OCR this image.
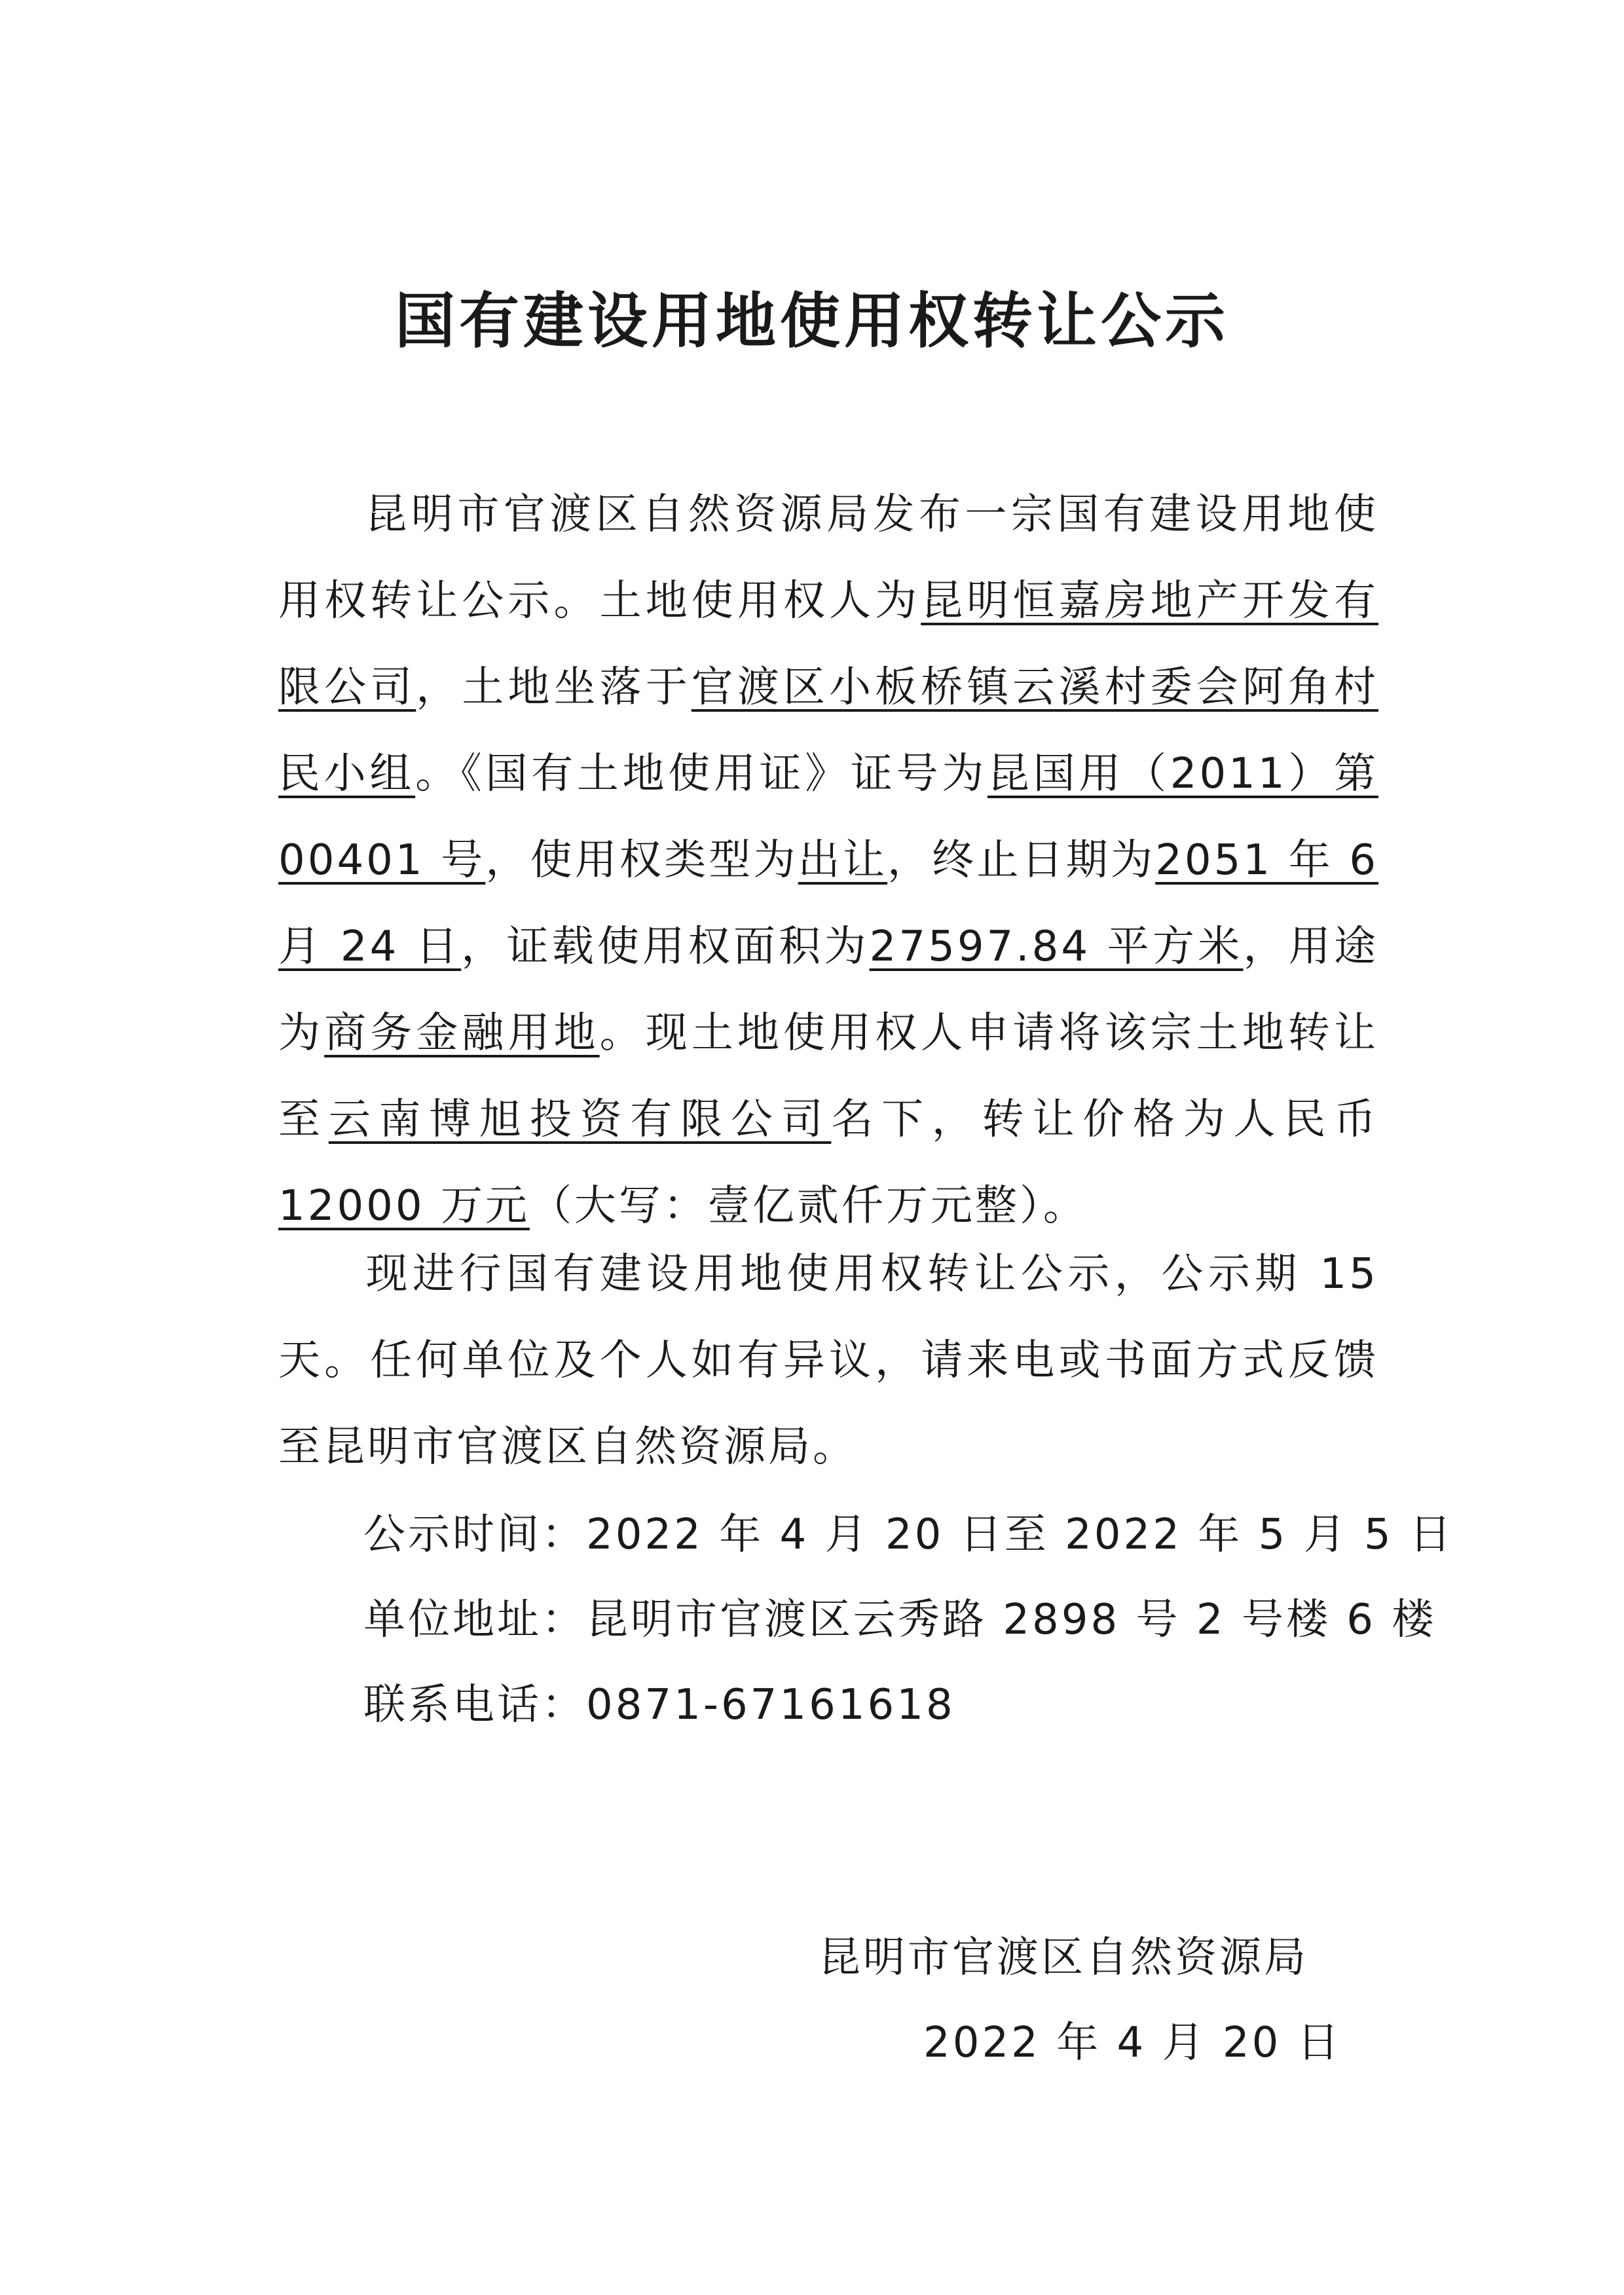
国有建设用地使用权转让公示
昆明市官渡区自然资源局发布一宗国有建设用地使用权转让公示。土地使用权人为昆明恒嘉房地产开发有限公司，土地坐落于官渡区小板桥镇云溪村委会阿角村民小组。《国有土地使用证》证号为昆国用（2011）第 00401 号，使用权类型为出让，终止日期为2051 年 6 月 24 日，证载使用权面积为27597.84 平方米，用途为商务金融用地。现土地使用权人申请将该宗土地转让至云南博旭投资有限公司名下，转让价格为人民币 12000 万元（大写：壹亿贰仟万元整）。
现进行国有建设用地使用权转让公示，公示期 15 天。任何单位及个人如有异议，请来电或书面方式反馈至昆明市官渡区自然资源局。
公示时间：2022 年 4 月 20 日至 2022 年 5 月 5 日
单位地址：昆明市官渡区云秀路 2898 号 2 号楼 6 楼
联系电话：0871-67161618
昆明市官渡区自然资源局
2022 年 4 月 20 日
